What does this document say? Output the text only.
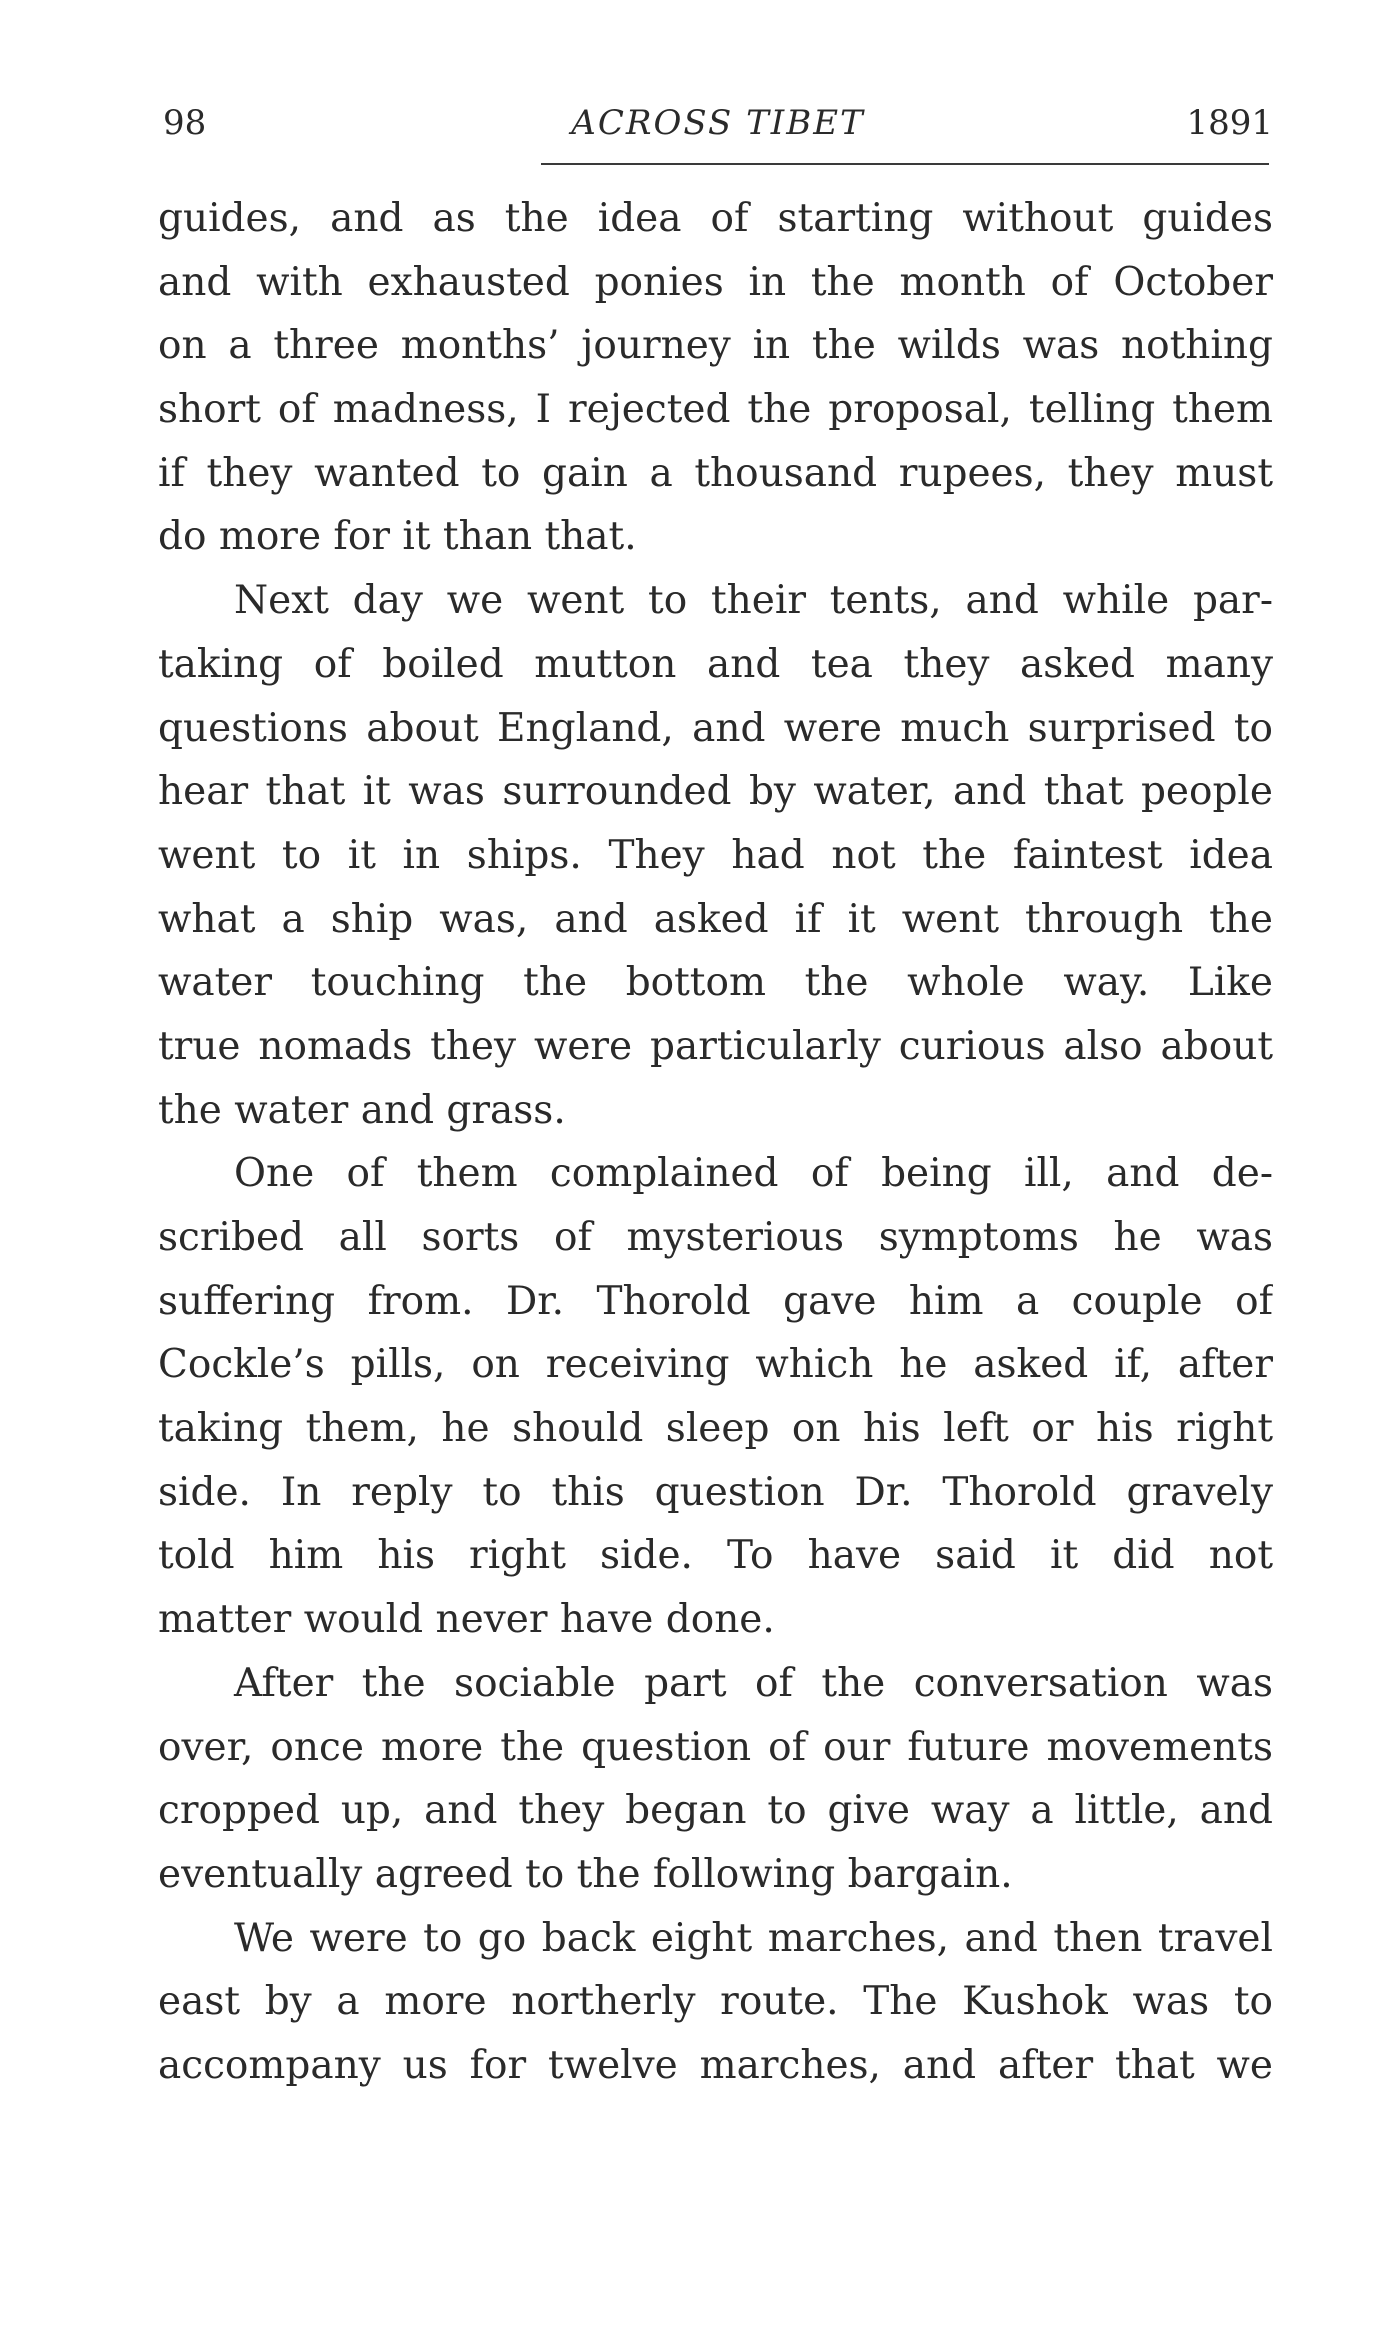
98	ACROSS TIBET	1891
guides, and as the idea of starting without guides
and with exhausted ponies in the month of October
on a three months’ journey in the wilds was nothing
short of madness, I rejected the proposal, telling them
if they wanted to gain a thousand rupees, they must
do more for it than that.
Next day we went to their tents, and while par-
taking of boiled mutton and tea they asked many
questions about England, and were much surprised to
hear that it was surrounded by water, and that people
went to it in ships. They had not the faintest idea
what a ship was, and asked if it went through the
water touching the bottom the whole way. Like
true nomads they were particularly curious also about
the water and grass.
One of them complained of being ill, and de-
scribed all sorts of mysterious symptoms he was
suffering from. Dr. Thorold gave him a couple of
Cockle’s pills, on receiving which he asked if, after
taking them, he should sleep on his left or his right
side. In reply to this question Dr. Thorold gravely
told him his right side. To have said it did not
matter would never have done.
After the sociable part of the conversation was
over, once more the question of our future movements
cropped up, and they began to give way a little, and
eventually agreed to the following bargain.
We were to go back eight marches, and then travel
east by a more northerly route. The Kushok was to
accompany us for twelve marches, and after that we
